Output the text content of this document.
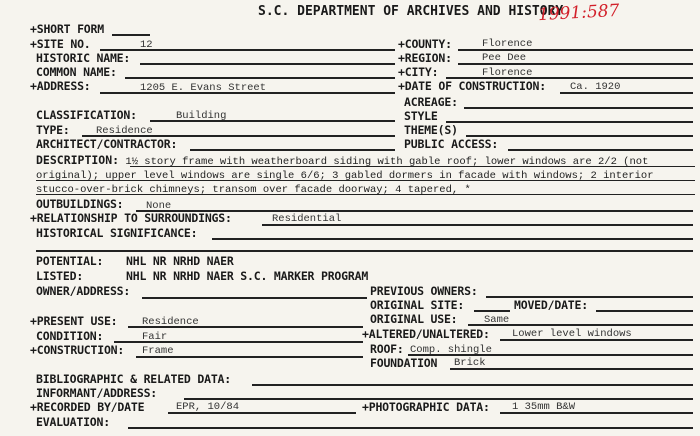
S.C. DEPARTMENT OF ARCHIVES AND HISTORY
1991:587
+SHORT FORM
+SITE NO.	12
HISTORIC NAME:
COMMON NAME:
+ADDRESS:	1205 E. Evans Street
+COUNTY:	Florence
+REGION:	Pee Dee
+CITY:	Florence
+DATE OF CONSTRUCTION: Ca. 1920
ACREAGE:
CLASSIFICATION:	Building
TYPE:	Residence
ARCHITECT/CONTRACTOR:
STYLE
THEME(S)
PUBLIC ACCESS:
DESCRIPTION: 1½ story frame with weatherboard siding with gable roof; lower windows are 2/2 (not original); upper level windows are single 6/6; 3 gabled dormers in facade with windows; 2 interior stucco-over-brick chimneys; transom over facade doorway; 4 tapered, *
OUTBUILDINGS: None
+RELATIONSHIP TO SURROUNDINGS:	Residential
HISTORICAL SIGNIFICANCE:
POTENTIAL: NHL NR NRHD NAER
LISTED:	NHL NR NRHD NAER S.C. MARKER PROGRAM
OWNER/ADDRESS:	PREVIOUS OWNERS:
ORIGINAL SITE:	MOVED/DATE:
ORIGINAL USE:	Same
+PRESENT USE: Residence
CONDITION:	Fair
+CONSTRUCTION: Frame
+ALTERED/UNALTERED: Lower level windows
ROOF: Comp. shingle
FOUNDATION Brick
BIBLIOGRAPHIC & RELATED DATA:
INFORMANT/ADDRESS:
+RECORDED BY/DATE	EPR, 10/84	+PHOTOGRAPHIC DATA: 1 35mm B&W
EVALUATION:
